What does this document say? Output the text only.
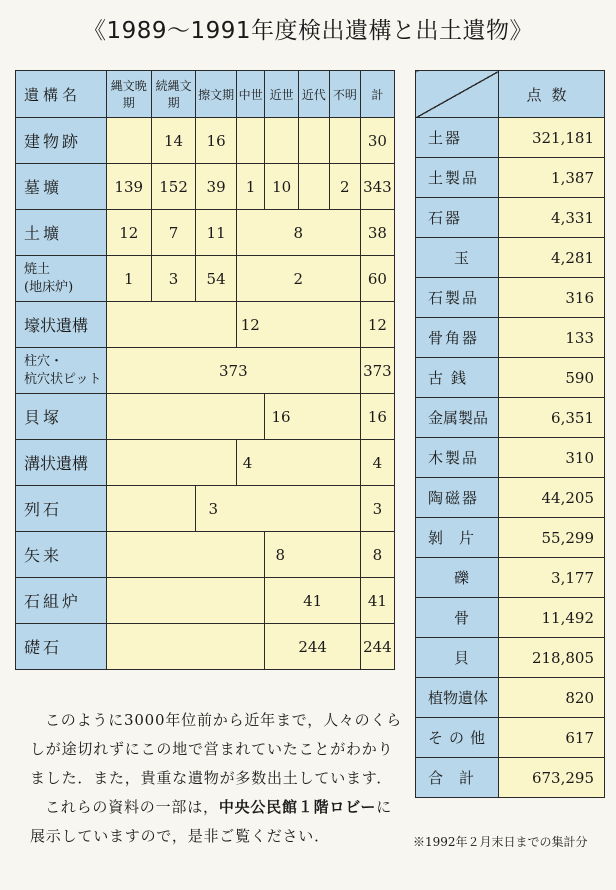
《1989～1991年度検出遺構と出土遺物》
遺構名	縄文晩期	続縄文期	擦文期	中世	近世	近代	不明	計
建物跡		14	16					30
墓壙	139	152	39	1	10		2	343
土壙	12	7	11	8				38
焼土
(地床炉)	1	3	54	2				60
壕状遺構				12				12
柱穴・
杭穴状ピット	373							373
貝塚					16			16
溝状遺構				4				4
列石			3					3
矢来					8			8
石組炉					41			41
礎石					244			244
	点数
土器	321,181
土製品	1,387
石器	4,331
玉	4,281
石製品	316
骨角器	133
古銭	590
金属製品	6,351
木製品	310
陶磁器	44,205
剝片	55,299
礫	3,177
骨	11,492
貝	218,805
植物遺体	820
その他	617
合計	673,295

このように3000年位前から近年まで，人々のくらしが途切れずにこの地で営まれていたことがわかりました．また，貴重な遺物が多数出土しています．

これらの資料の一部は，中央公民館１階ロビーに展示していますので，是非ご覧ください．	※1992年２月末日までの集計分
